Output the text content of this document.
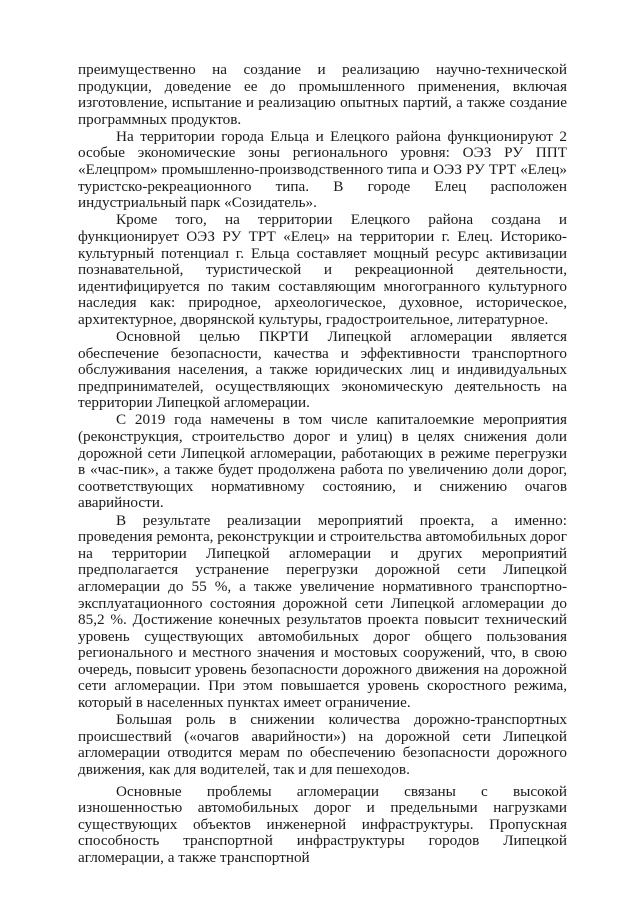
преимущественно на создание и реализацию научно-технической продукции, доведение ее до промышленного применения, включая изготовление, испытание и реализацию опытных партий, а также создание программных продуктов.

На территории города Ельца и Елецкого района функционируют 2 особые экономические зоны регионального уровня: ОЭЗ РУ ППТ «Елецпром» промышленно-производственного типа и ОЭЗ РУ ТРТ «Елец» туристско-рекреационного типа. В городе Елец расположен индустриальный парк «Созидатель».

Кроме того, на территории Елецкого района создана и функционирует ОЭЗ РУ ТРТ «Елец» на территории г. Елец. Историко-культурный потенциал г. Ельца составляет мощный ресурс активизации познавательной, туристической и рекреационной деятельности, идентифицируется по таким составляющим многогранного культурного наследия как: природное, археологическое, духовное, историческое, архитектурное, дворянской культуры, градостроительное, литературное.

Основной целью ПКРТИ Липецкой агломерации является обеспечение безопасности, качества и эффективности транспортного обслуживания населения, а также юридических лиц и индивидуальных предпринимателей, осуществляющих экономическую деятельность на территории Липецкой агломерации.

С 2019 года намечены в том числе капиталоемкие мероприятия (реконструкция, строительство дорог и улиц) в целях снижения доли дорожной сети Липецкой агломерации, работающих в режиме перегрузки в «час-пик», а также будет продолжена работа по увеличению доли дорог, соответствующих нормативному состоянию, и снижению очагов аварийности.

В результате реализации мероприятий проекта, а именно: проведения ремонта, реконструкции и строительства автомобильных дорог на территории Липецкой агломерации и других мероприятий предполагается устранение перегрузки дорожной сети Липецкой агломерации до 55 %, а также увеличение нормативного транспортно-эксплуатационного состояния дорожной сети Липецкой агломерации до 85,2 %. Достижение конечных результатов проекта повысит технический уровень существующих автомобильных дорог общего пользования регионального и местного значения и мостовых сооружений, что, в свою очередь, повысит уровень безопасности дорожного движения на дорожной сети агломерации. При этом повышается уровень скоростного режима, который в населенных пунктах имеет ограничение.

Большая роль в снижении количества дорожно-транспортных происшествий («очагов аварийности») на дорожной сети Липецкой агломерации отводится мерам по обеспечению безопасности дорожного движения, как для водителей, так и для пешеходов.

Основные проблемы агломерации связаны с высокой изношенностью автомобильных дорог и предельными нагрузками существующих объектов инженерной инфраструктуры. Пропускная способность транспортной инфраструктуры городов Липецкой агломерации, а также транспортной
